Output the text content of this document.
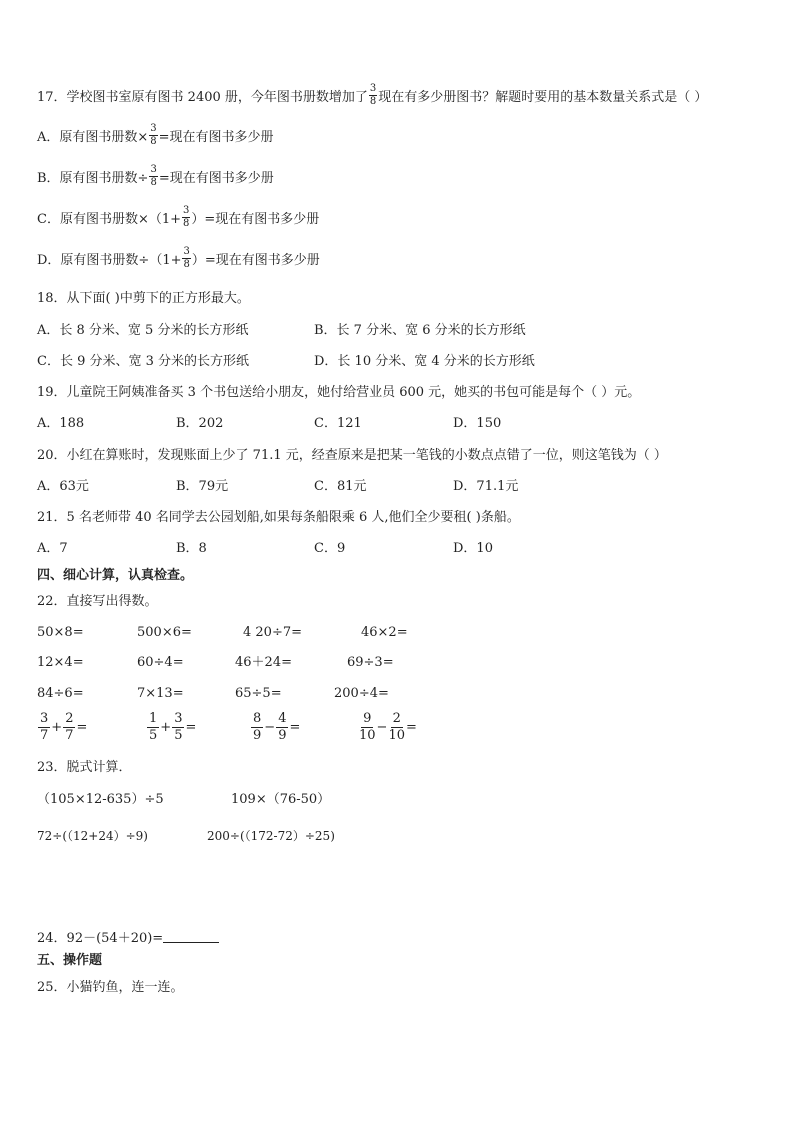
17．学校图书室原有图书 2400 册，今年图书册数增加了 $\frac{3}{8}$ 现在有多少册图书？解题时要用的基本数量关系式是（ ）
A．原有图书册数× $\frac{3}{8}$ =现在有图书多少册
B．原有图书册数÷ $\frac{3}{8}$ =现在有图书多少册
C．原有图书册数$\times(1+ \frac{3}{8}$ ）=现在有图书多少册
D．原有图书册数$\div(1+ \frac{3}{8}$ ）=现在有图书多少册
18．从下面( )中剪下的正方形最大。
A．长 8 分米、宽 5 分米的长方形纸	B．长 7 分米、宽 6 分米的长方形纸
C．长 9 分米、宽 3 分米的长方形纸	D．长 10 分米、宽 4 分米的长方形纸
19．儿童院王阿姨准备买 3 个书包送给小朋友，她付给营业员 600 元，她买的书包可能是每个（ ）元。
A．188	B．202	C．121	D．150
20．小红在算账时，发现账面上少了 71.1 元，经查原来是把某一笔钱的小数点点错了一位，则这笔钱为（ ）
A．63元	B．79元	C．81元	D．71.1元
21．5 名老师带 40 名同学去公园划船,如果每条船限乘 6 人,他们全少要租( )条船。
A．7	B．8	C．9	D．10
四、细心计算，认真检查。
22．直接写出得数。
50×8=	500×6=	4 20÷7=	46×2=
12×4=	60÷4=	46＋24=	69÷3=
84÷6=	7×13=	65÷5=	200÷4=
$\frac{3}{7} + \frac{2}{7}$ =	$\frac{1}{5} + \frac{3}{5}$ =	$\frac{8}{9} - \frac{4}{9}$ =	$\frac{9}{10} - \frac{2}{10}$ =
23．脱式计算．
（105×12-635）÷5	109×（76-50）
72÷(（12+24）÷9)	200÷(（172-72）÷25)
24．92－(54＋20)=
五、操作题
25．小猫钓鱼，连一连。
